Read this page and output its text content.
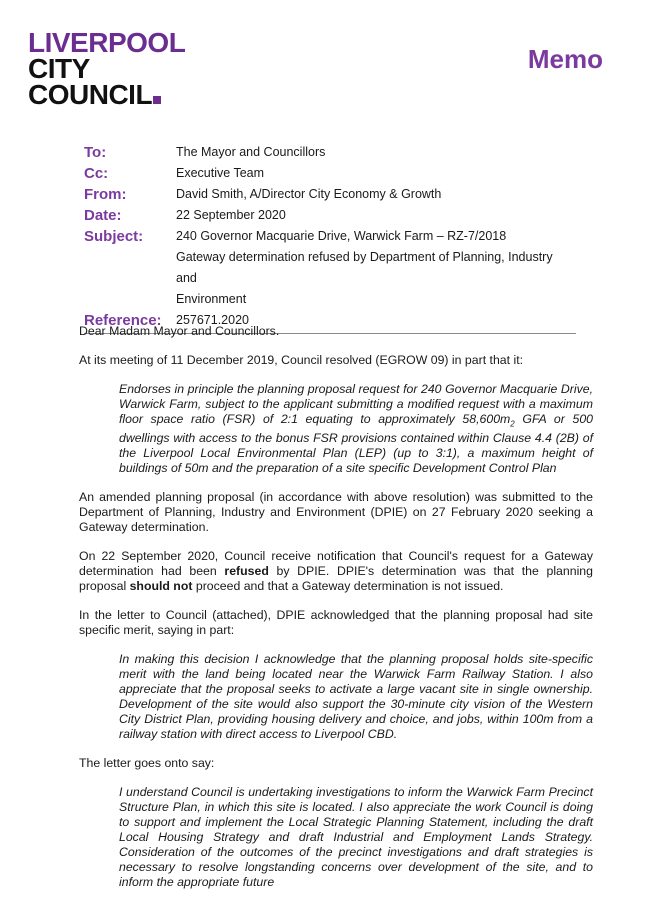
LIVERPOOL
CITY
COUNCIL
Memo
To:	The Mayor and Councillors
Cc:	Executive Team
From:	David Smith, A/Director City Economy & Growth
Date:	22 September 2020
Subject:	240 Governor Macquarie Drive, Warwick Farm – RZ-7/2018
Gateway determination refused by Department of Planning, Industry and
Environment
Reference:	257671.2020

Dear Madam Mayor and Councillors.

At its meeting of 11 December 2019, Council resolved (EGROW 09) in part that it:

Endorses in principle the planning proposal request for 240 Governor Macquarie Drive, Warwick Farm, subject to the applicant submitting a modified request with a maximum floor space ratio (FSR) of 2:1 equating to approximately $58,600m_2$ GFA or 500 dwellings with access to the bonus FSR provisions contained within Clause 4.4 (2B) of the Liverpool Local Environmental Plan (LEP) (up to 3:1), a maximum height of buildings of 50m and the preparation of a site specific Development Control Plan

An amended planning proposal (in accordance with above resolution) was submitted to the Department of Planning, Industry and Environment (DPIE) on 27 February 2020 seeking a Gateway determination.

On 22 September 2020, Council receive notification that Council's request for a Gateway determination had been refused by DPIE. DPIE's determination was that the planning proposal should not proceed and that a Gateway determination is not issued.

In the letter to Council (attached), DPIE acknowledged that the planning proposal had site specific merit, saying in part:

In making this decision I acknowledge that the planning proposal holds site-specific merit with the land being located near the Warwick Farm Railway Station. I also appreciate that the proposal seeks to activate a large vacant site in single ownership. Development of the site would also support the 30-minute city vision of the Western City District Plan, providing housing delivery and choice, and jobs, within 100m from a railway station with direct access to Liverpool CBD.

The letter goes onto say:

I understand Council is undertaking investigations to inform the Warwick Farm Precinct Structure Plan, in which this site is located. I also appreciate the work Council is doing to support and implement the Local Strategic Planning Statement, including the draft Local Housing Strategy and draft Industrial and Employment Lands Strategy. Consideration of the outcomes of the precinct investigations and draft strategies is necessary to resolve longstanding concerns over development of the site, and to inform the appropriate future
